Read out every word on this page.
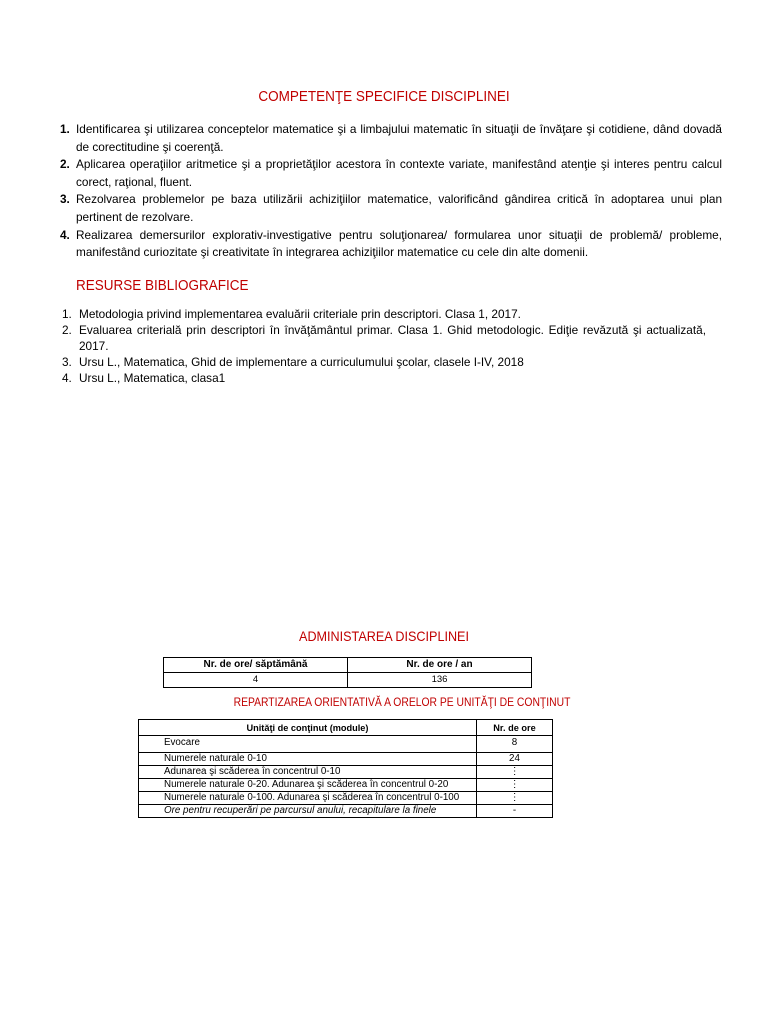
COMPETENŢE SPECIFICE DISCIPLINEI
1. Identificarea şi utilizarea conceptelor matematice şi a limbajului matematic în situaţii de învăţare şi cotidiene, dând dovadă de corectitudine şi coerenţă.
2. Aplicarea operaţiilor aritmetice şi a proprietăţilor acestora în contexte variate, manifestând atenţie şi interes pentru calcul corect, raţional, fluent.
3. Rezolvarea problemelor pe baza utilizării achiziţiilor matematice, valorificând gândirea critică în adoptarea unui plan pertinent de rezolvare.
4. Realizarea demersurilor explorativ-investigative pentru soluţionarea/ formularea unor situaţii de problemă/ probleme, manifestând curiozitate şi creativitate în integrarea achiziţiilor matematice cu cele din alte domenii.
RESURSE BIBLIOGRAFICE
1. Metodologia privind implementarea evaluării criteriale prin descriptori. Clasa 1, 2017.
2. Evaluarea criterială prin descriptori în învăţământul primar. Clasa 1. Ghid metodologic. Ediţie revăzută şi actualizată, 2017.
3. Ursu L., Matematica, Ghid de implementare a curriculumului şcolar, clasele I-IV, 2018
4. Ursu L., Matematica, clasa1
ADMINISTAREA DISCIPLINEI
Nr. de ore/ săptămână	Nr. de ore / an
4	136
REPARTIZAREA ORIENTATIVĂ A ORELOR PE UNITĂŢI DE CONŢINUT
Unităţi de conţinut (module)	Nr. de ore
Evocare	8
Numerele naturale 0-10	24
Adunarea şi scăderea în concentrul 0-10	⋮
Numerele naturale 0-20. Adunarea şi scăderea în concentrul 0-20	⋮
Numerele naturale 0-100. Adunarea şi scăderea în concentrul 0-100	⋮
Ore pentru recuperări pe parcursul anului, recapitulare la finele	-
